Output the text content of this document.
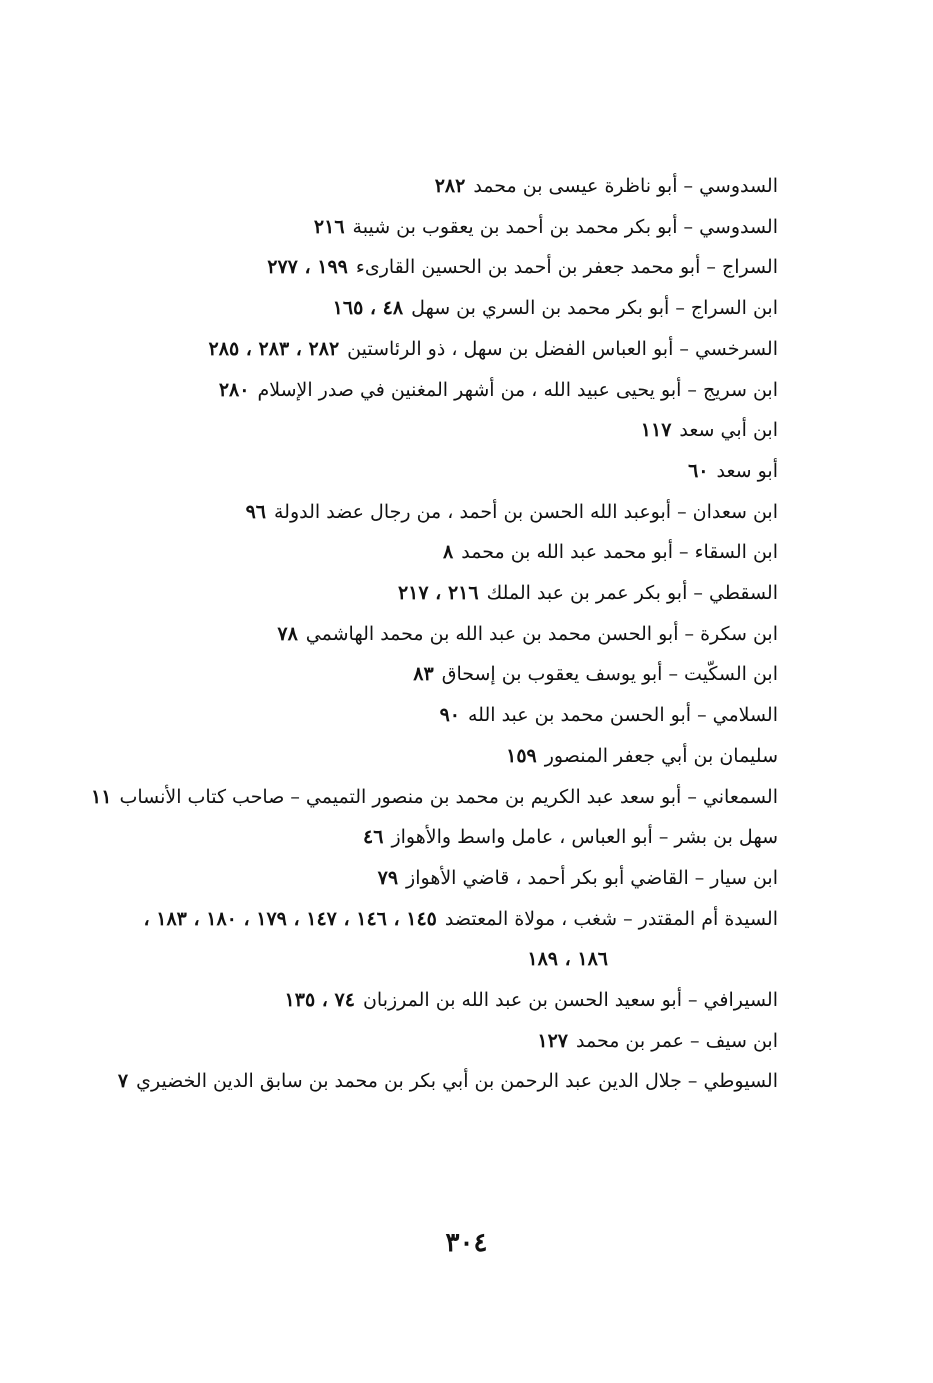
السدوسي – أبو ناظرة عيسى بن محمد٢٨٢
السدوسي – أبو بكر محمد بن أحمد بن يعقوب بن شيبة٢١٦
السراج – أبو محمد جعفر بن أحمد بن الحسين القارىء١٩٩ ، ٢٧٧
ابن السراج – أبو بكر محمد بن السري بن سهل٤٨ ، ١٦٥
السرخسي – أبو العباس الفضل بن سهل ، ذو الرئاستين٢٨٢ ، ٢٨٣ ، ٢٨٥
ابن سريج – أبو يحيى عبيد الله ، من أشهر المغنين في صدر الإسلام٢٨٠
ابن أبي سعد١١٧
أبو سعد٦٠
ابن سعدان – أبوعبد الله الحسن بن أحمد ، من رجال عضد الدولة٩٦
ابن السقاء – أبو محمد عبد الله بن محمد٨
السقطي – أبو بكر عمر بن عبد الملك٢١٦ ، ٢١٧
ابن سكرة – أبو الحسن محمد بن عبد الله بن محمد الهاشمي٧٨
ابن السكّيت – أبو يوسف يعقوب بن إسحاق٨٣
السلامي – أبو الحسن محمد بن عبد الله٩٠
سليمان بن أبي جعفر المنصور١٥٩
السمعاني – أبو سعد عبد الكريم بن محمد بن منصور التميمي – صاحب كتاب الأنساب١١
سهل بن بشر – أبو العباس ، عامل واسط والأهواز٤٦
ابن سيار – القاضي أبو بكر أحمد ، قاضي الأهواز٧٩
السيدة أم المقتدر – شغب ، مولاة المعتضد١٤٥ ، ١٤٦ ، ١٤٧ ، ١٧٩ ، ١٨٠ ، ١٨٣ ،
١٨٦ ، ١٨٩
السيرافي – أبو سعيد الحسن بن عبد الله بن المرزبان٧٤ ، ١٣٥
ابن سيف – عمر بن محمد١٢٧
السيوطي – جلال الدين عبد الرحمن بن أبي بكر بن محمد بن سابق الدين الخضيري٧
٣٠٤
